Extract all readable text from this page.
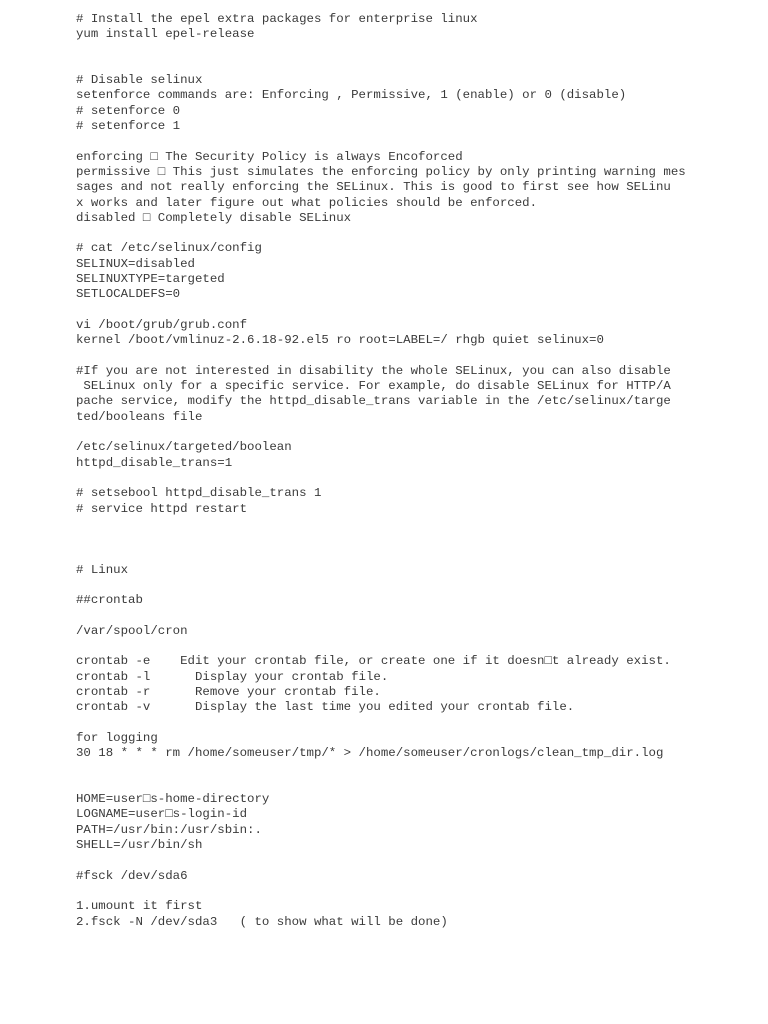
# Install the epel extra packages for enterprise linux
yum install epel-release
# Disable selinux
setenforce commands are: Enforcing , Permissive, 1 (enable) or 0 (disable)
# setenforce 0
# setenforce 1
enforcing □ The Security Policy is always Encoforced
permissive □ This just simulates the enforcing policy by only printing warning mes
sages and not really enforcing the SELinux. This is good to first see how SELinu
x works and later figure out what policies should be enforced.
disabled □ Completely disable SELinux
# cat /etc/selinux/config
SELINUX=disabled
SELINUXTYPE=targeted
SETLOCALDEFS=0
vi /boot/grub/grub.conf
kernel /boot/vmlinuz-2.6.18-92.el5 ro root=LABEL=/ rhgb quiet selinux=0
#If you are not interested in disability the whole SELinux, you can also disable
SELinux only for a specific service. For example, do disable SELinux for HTTP/A
pache service, modify the httpd_disable_trans variable in the /etc/selinux/targe
ted/booleans file
/etc/selinux/targeted/boolean
httpd_disable_trans=1
# setsebool httpd_disable_trans 1
# service httpd restart
# Linux
##crontab
/var/spool/cron
crontab -e    Edit your crontab file, or create one if it doesn□t already exist.
crontab -l      Display your crontab file.
crontab -r      Remove your crontab file.
crontab -v      Display the last time you edited your crontab file.
for logging
30 18 * * * rm /home/someuser/tmp/* > /home/someuser/cronlogs/clean_tmp_dir.log
HOME=user□s-home-directory
LOGNAME=user□s-login-id
PATH=/usr/bin:/usr/sbin:.
SHELL=/usr/bin/sh
#fsck /dev/sda6
1.umount it first
2.fsck -N /dev/sda3   ( to show what will be done)
